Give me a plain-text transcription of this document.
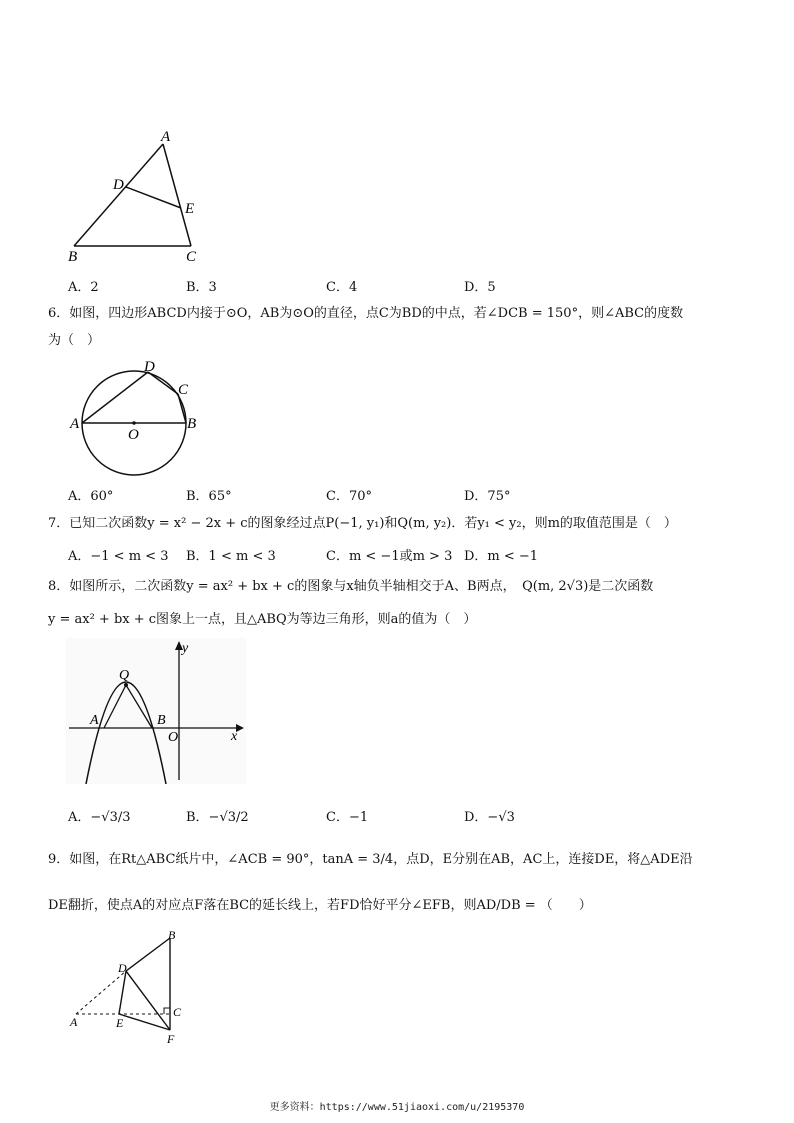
A
D
E
B	C
A．2	B．3	C．4	D．5
6．如图，四边形ABCD内接于⊙O，AB为⊙O的直径，点C为BD的中点，若∠DCB = 150°，则∠ABC的度数
为（　）
D
C
A	B
O
A．60°	B．65°	C．70°	D．75°
7．已知二次函数y = x² − 2x + c的图象经过点P(−1, y₁)和Q(m, y₂)．若y₁ < y₂，则m的取值范围是（　）
A．−1 < m < 3 B．1 < m < 3	C．m < −1或m > 3 D．m < −1
8．如图所示，二次函数y = ax² + bx + c的图象与x轴负半轴相交于A、B两点，　Q(m, 2√3)是二次函数
y = ax² + bx + c图象上一点，且△ABQ为等边三角形，则a的值为（　）
y
x
O
A	B
Q
A．−√3/3	B．−√3/2	C．−1	D．−√3
9．如图，在Rt△ABC纸片中，∠ACB = 90°，tanA = 3/4，点D，E分别在AB，AC上，连接DE，将△ADE沿
DE翻折，使点A的对应点F落在BC的延长线上，若FD恰好平分∠EFB，则AD/DB = （　　）
B
D
A	E
C
F
更多资料：https://www.51jiaoxi.com/u/2195370
